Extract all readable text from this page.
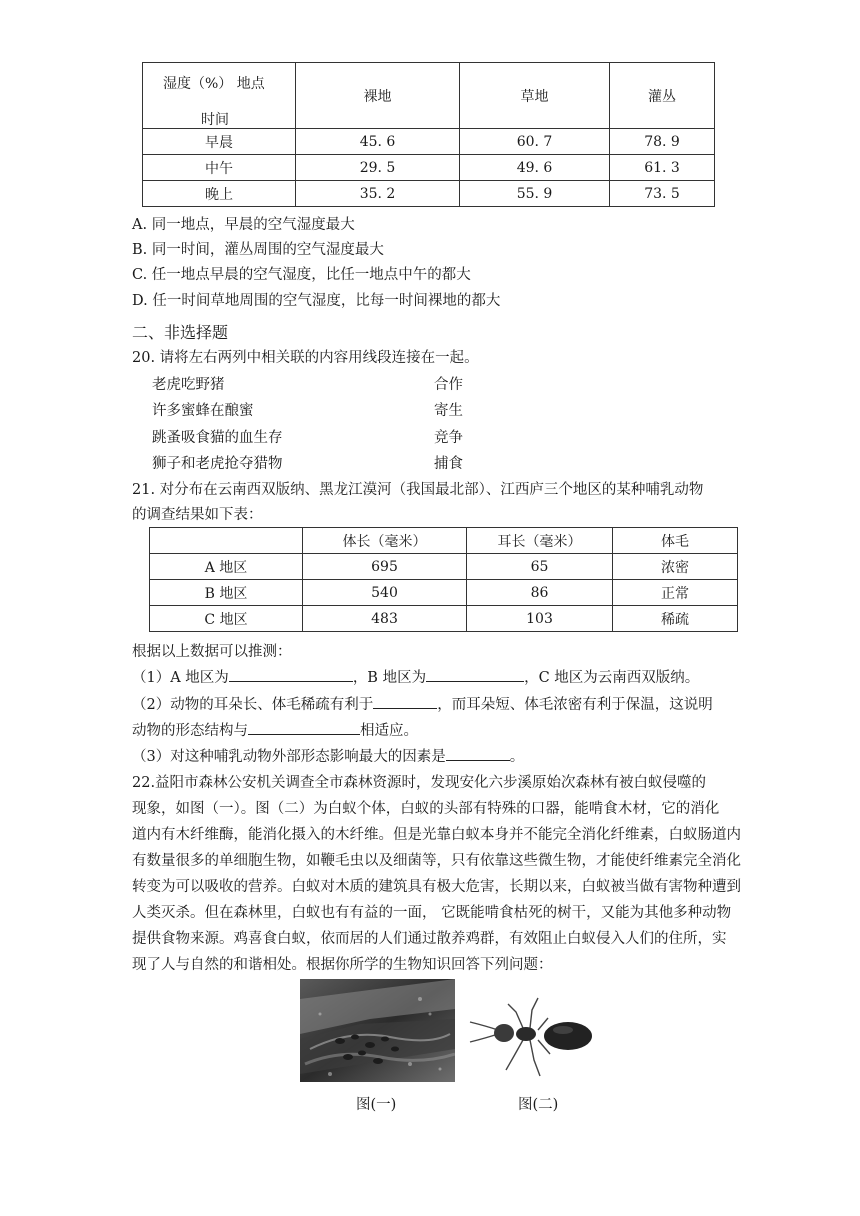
湿度（%） 地点
时间	裸地	草地	灌丛
早晨	45. 6	60. 7	78. 9
中午	29. 5	49. 6	61. 3
晚上	35. 2	55. 9	73. 5
A. 同一地点，早晨的空气湿度最大
B. 同一时间，灌丛周围的空气湿度最大
C. 任一地点早晨的空气湿度，比任一地点中午的都大
D. 任一时间草地周围的空气湿度，比每一时间裸地的都大
二、非选择题
20. 请将左右两列中相关联的内容用线段连接在一起。
老虎吃野猪
许多蜜蜂在酿蜜
跳蚤吸食猫的血生存
狮子和老虎抢夺猎物
合作
寄生
竞争
捕食
21. 对分布在云南西双版纳、黑龙江漠河（我国最北部）、江西庐三个地区的某种哺乳动物
的调查结果如下表：
	体长（毫米）	耳长（毫米）	体毛
A 地区	695	65	浓密
B 地区	540	86	正常
C 地区	483	103	稀疏
根据以上数据可以推测：
（1）A 地区为	，B 地区为	，C 地区为云南西双版纳。
（2）动物的耳朵长、体毛稀疏有利于	，而耳朵短、体毛浓密有利于保温，这说明
动物的形态结构与	相适应。
（3）对这种哺乳动物外部形态影响最大的因素是	。
22.益阳市森林公安机关调查全市森林资源时，发现安化六步溪原始次森林有被白蚁侵噬的
现象，如图（一）。图（二）为白蚁个体，白蚁的头部有特殊的口器，能啃食木材，它的消化
道内有木纤维酶，能消化摄入的木纤维。但是光靠白蚁本身并不能完全消化纤维素，白蚁肠道内
有数量很多的单细胞生物，如鞭毛虫以及细菌等，只有依靠这些微生物，才能使纤维素完全消化
转变为可以吸收的营养。白蚁对木质的建筑具有极大危害，长期以来，白蚁被当做有害物种遭到
人类灭杀。但在森林里，白蚁也有有益的一面， 它既能啃食枯死的树干，又能为其他多种动物
提供食物来源。鸡喜食白蚁，依而居的人们通过散养鸡群，有效阻止白蚁侵入人们的住所，实
现了人与自然的和谐相处。根据你所学的生物知识回答下列问题：
图(一)	图(二)
